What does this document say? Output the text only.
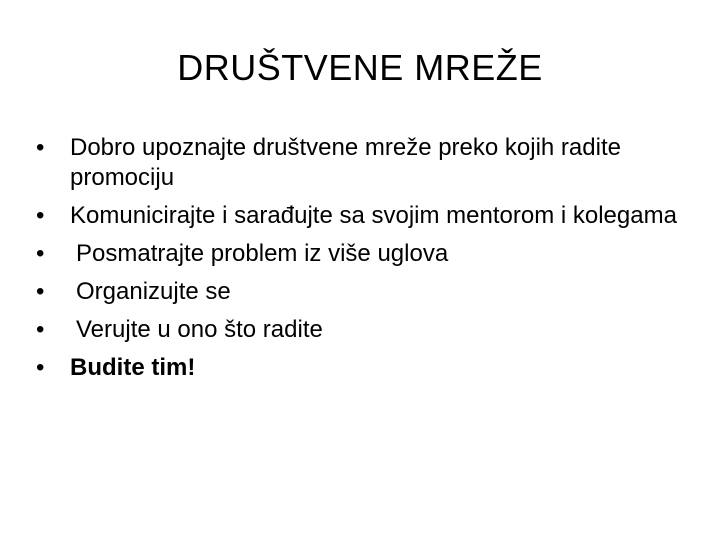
DRUŠTVENE MREŽE
•	Dobro upoznajte društvene mreže preko kojih radite promociju
•	Komunicirajte i sarađujte sa svojim mentorom i kolegama
•	Posmatrajte problem iz više uglova
•	Organizujte se
•	Verujte u ono što radite
•	Budite tim!
